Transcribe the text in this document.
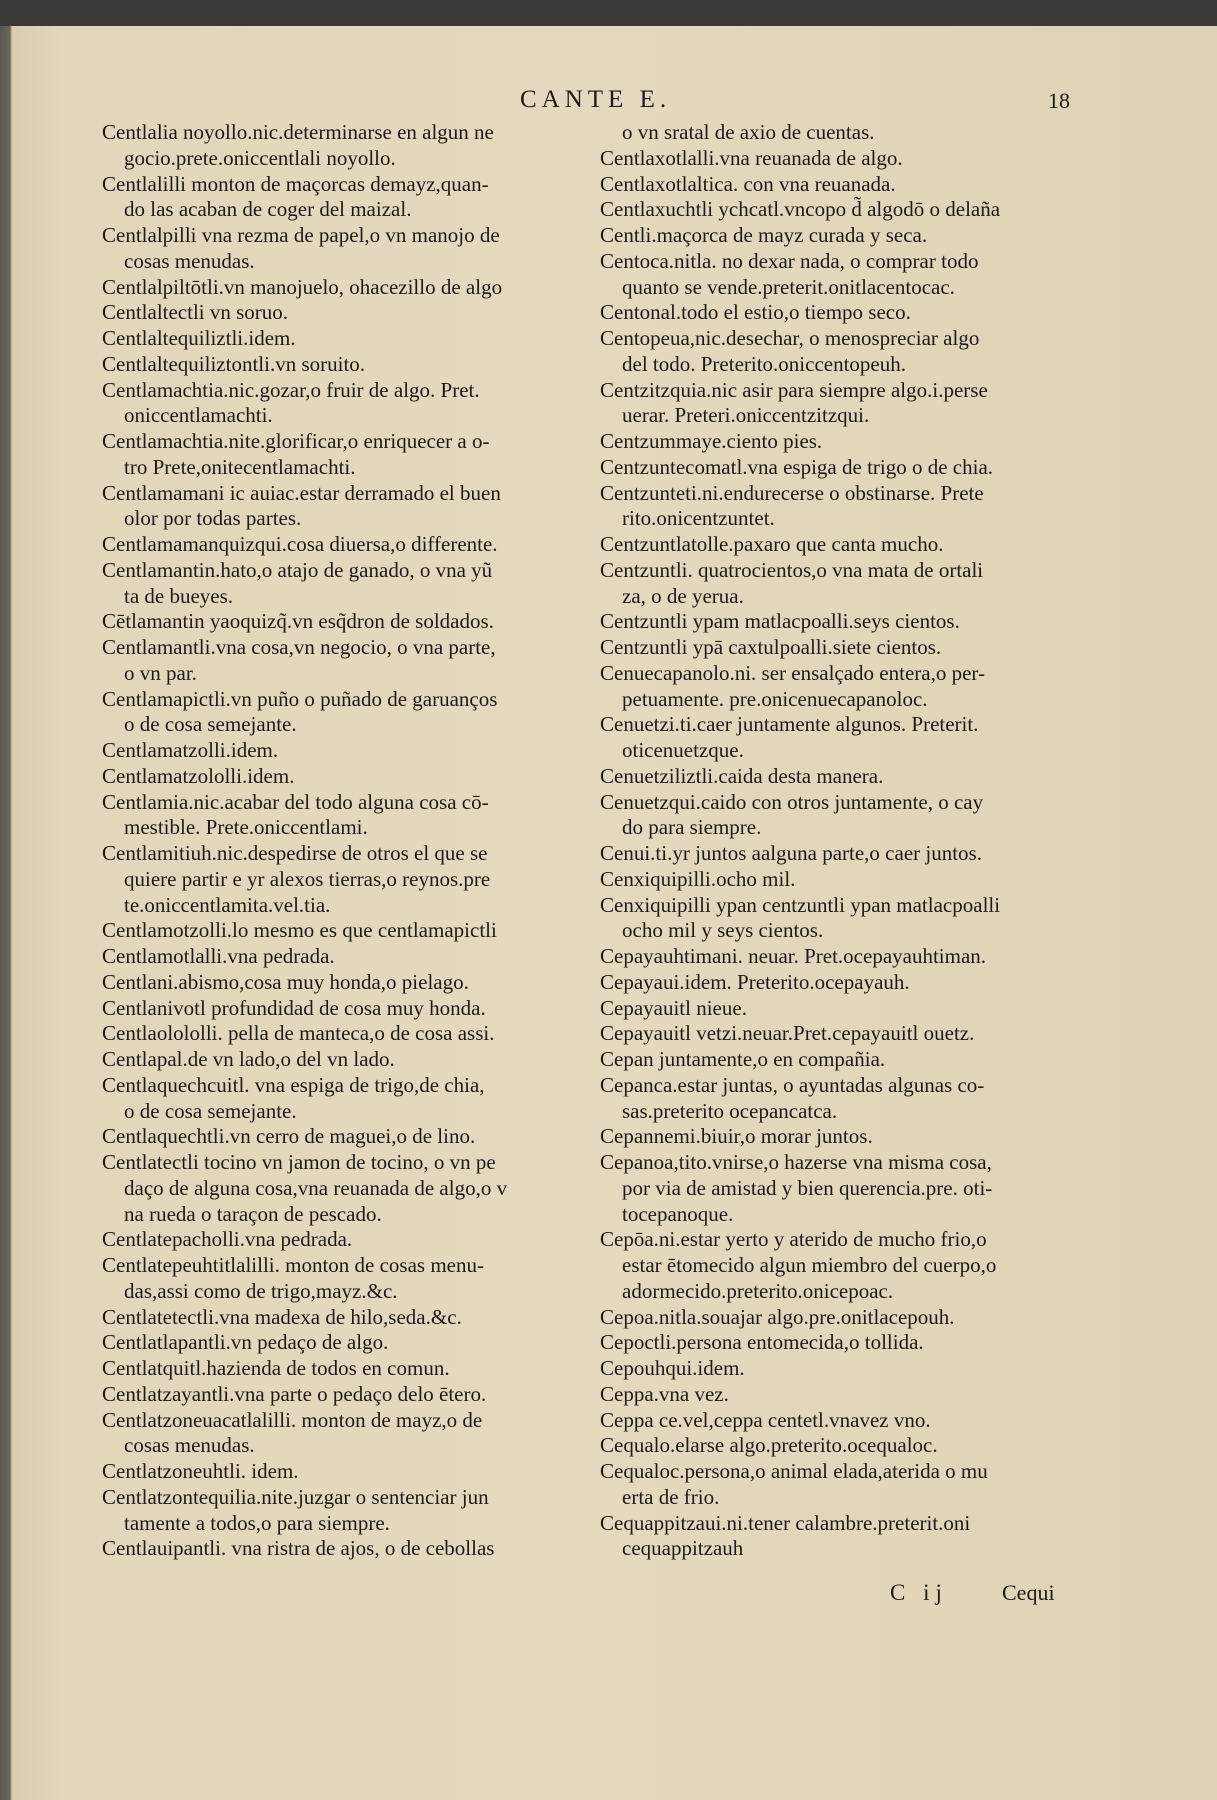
CANTE E.	18
Centlalia noyollo.nic.determinarse en algun ne
gocio.prete.oniccentlali noyollo.
Centlalilli monton de maçorcas demayz,quan-
do las acaban de coger del maizal.
Centlalpilli vna rezma de papel,o vn manojo de
cosas menudas.
Centlalpiltōtli.vn manojuelo, ohacezillo de algo
Centlaltectli vn soruo.
Centlaltequiliztli.idem.
Centlaltequiliztontli.vn soruito.
Centlamachtia.nic.gozar,o fruir de algo. Pret.
oniccentlamachti.
Centlamachtia.nite.glorificar,o enriquecer a o-
tro Prete,onitecentlamachti.
Centlamamani ic auiac.estar derramado el buen
olor por todas partes.
Centlamamanquizqui.cosa diuersa,o differente.
Centlamantin.hato,o atajo de ganado, o vna yũ
ta de bueyes.
Cētlamantin yaoquizq̃.vn esq̃dron de soldados.
Centlamantli.vna cosa,vn negocio, o vna parte,
o vn par.
Centlamapictli.vn puño o puñado de garuanços
o de cosa semejante.
Centlamatzolli.idem.
Centlamatzololli.idem.
Centlamia.nic.acabar del todo alguna cosa cō-
mestible. Prete.oniccentlami.
Centlamitiuh.nic.despedirse de otros el que se
quiere partir e yr alexos tierras,o reynos.pre
te.oniccentlamita.vel.tia.
Centlamotzolli.lo mesmo es que centlamapictli
Centlamotlalli.vna pedrada.
Centlani.abismo,cosa muy honda,o pielago.
Centlanivotl profundidad de cosa muy honda.
Centlaolololli. pella de manteca,o de cosa assi.
Centlapal.de vn lado,o del vn lado.
Centlaquechcuitl. vna espiga de trigo,de chia,
o de cosa semejante.
Centlaquechtli.vn cerro de maguei,o de lino.
Centlatectli tocino vn jamon de tocino, o vn pe
daço de alguna cosa,vna reuanada de algo,o v
na rueda o taraçon de pescado.
Centlatepacholli.vna pedrada.
Centlatepeuhtitlalilli. monton de cosas menu-
das,assi como de trigo,mayz.&c.
Centlatetectli.vna madexa de hilo,seda.&c.
Centlatlapantli.vn pedaço de algo.
Centlatquitl.hazienda de todos en comun.
Centlatzayantli.vna parte o pedaço delo ētero.
Centlatzoneuacatlalilli. monton de mayz,o de
cosas menudas.
Centlatzoneuhtli. idem.
Centlatzontequilia.nite.juzgar o sentenciar jun
tamente a todos,o para siempre.
Centlauipantli. vna ristra de ajos, o de cebollas
o vn sratal de axio de cuentas.
Centlaxotlalli.vna reuanada de algo.
Centlaxotlaltica. con vna reuanada.
Centlaxuchtli ychcatl.vncopo d̃ algodō o delaña
Centli.maçorca de mayz curada y seca.
Centoca.nitla. no dexar nada, o comprar todo
quanto se vende.preterit.onitlacentocac.
Centonal.todo el estio,o tiempo seco.
Centopeua,nic.desechar, o menospreciar algo
del todo. Preterito.oniccentopeuh.
Centzitzquia.nic asir para siempre algo.i.perse
uerar. Preteri.oniccentzitzqui.
Centzummaye.ciento pies.
Centzuntecomatl.vna espiga de trigo o de chia.
Centzunteti.ni.endurecerse o obstinarse. Prete
rito.onicentzuntet.
Centzuntlatolle.paxaro que canta mucho.
Centzuntli. quatrocientos,o vna mata de ortali
za, o de yerua.
Centzuntli ypam matlacpoalli.seys cientos.
Centzuntli ypā caxtulpoalli.siete cientos.
Cenuecapanolo.ni. ser ensalçado entera,o per-
petuamente. pre.onicenuecapanoloc.
Cenuetzi.ti.caer juntamente algunos. Preterit.
oticenuetzque.
Cenuetziliztli.caida desta manera.
Cenuetzqui.caido con otros juntamente, o cay
do para siempre.
Cenui.ti.yr juntos aalguna parte,o caer juntos.
Cenxiquipilli.ocho mil.
Cenxiquipilli ypan centzuntli ypan matlacpoalli
ocho mil y seys cientos.
Cepayauhtimani. neuar. Pret.ocepayauhtiman.
Cepayaui.idem. Preterito.ocepayauh.
Cepayauitl nieue.
Cepayauitl vetzi.neuar.Pret.cepayauitl ouetz.
Cepan juntamente,o en compañia.
Cepanca.estar juntas, o ayuntadas algunas co-
sas.preterito ocepancatca.
Cepannemi.biuir,o morar juntos.
Cepanoa,tito.vnirse,o hazerse vna misma cosa,
por via de amistad y bien querencia.pre. oti-
tocepanoque.
Cepōa.ni.estar yerto y aterido de mucho frio,o
estar ētomecido algun miembro del cuerpo,o
adormecido.preterito.onicepoac.
Cepoa.nitla.souajar algo.pre.onitlacepouh.
Cepoctli.persona entomecida,o tollida.
Cepouhqui.idem.
Ceppa.vna vez.
Ceppa ce.vel,ceppa centetl.vnavez vno.
Cequalo.elarse algo.preterito.ocequaloc.
Cequaloc.persona,o animal elada,aterida o mu
erta de frio.
Cequappitzaui.ni.tener calambre.preterit.oni
cequappitzauh
C ij Cequi
